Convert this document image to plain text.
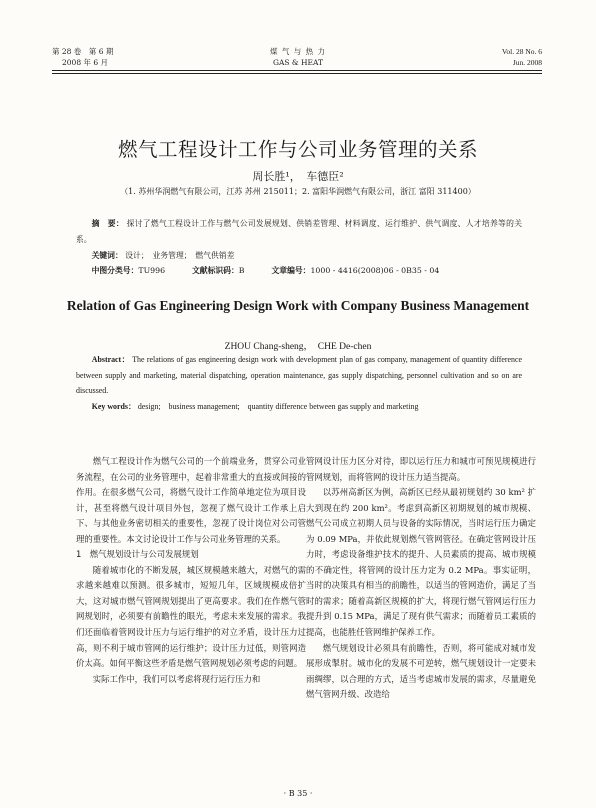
第 28 卷　第 6 期
2008 年 6 月
煤 气 与 热 力
GAS & HEAT
Vol. 28 No. 6
Jun. 2008
燃气工程设计工作与公司业务管理的关系
周长胜¹，　车德臣²
（1. 苏州华润燃气有限公司，江苏 苏州 215011；2. 富阳华润燃气有限公司，浙江 富阳 311400）
摘　要： 探讨了燃气工程设计工作与燃气公司发展规划、供销差管理、材料调度、运行维护、供气调度、人才培养等的关系。
关键词： 设计；　业务管理；　燃气供销差
中图分类号：TU996	文献标识码：B	文章编号：1000 - 4416(2008)06 - 0B35 - 04
Relation of Gas Engineering Design Work with Company Business Management
ZHOU Chang-sheng，　CHE De-chen
Abstract： The relations of gas engineering design work with development plan of gas company, management of quantity difference between supply and marketing, material dispatching, operation maintenance, gas supply dispatching, personnel cultivation and so on are discussed.
Key words： design;　business management;　quantity difference between gas supply and marketing

燃气工程设计作为燃气公司的一个前端业务，贯穿公司业务流程，在公司的业务管理中，起着非常重大的直接或间接的作用。在很多燃气公司，将燃气设计工作简单地定位为项目设计，甚至将燃气设计项目外包，忽视了燃气设计工作承上启下、与其他业务密切相关的重要性，忽视了设计岗位对公司管理的重要性。本文讨论设计工作与公司业务管理的关系。

1　燃气规划设计与公司发展规划

随着城市化的不断发展，城区规模越来越大，对燃气的需求越来越难以预测。很多城市，短短几年，区域规模成倍扩大，这对城市燃气管网规划提出了更高要求。我们在作燃气管网规划时，必须要有前瞻性的眼光，考虑未来发展的需求。我们还面临着管网设计压力与运行维护的对立矛盾，设计压力过高，则不利于城市管网的运行维护；设计压力过低，则管网造价太高。如何平衡这些矛盾是燃气管网规划必须考虑的问题。

实际工作中，我们可以考虑将现行运行压力和

管网设计压力区分对待，即以运行压力和城市可预见规模进行管网规划，而将管网的设计压力适当提高。

以苏州高新区为例，高新区已经从最初规划约 30 km² 扩大到现在约 200 km²。考虑到高新区初期规划的城市规模、燃气公司成立初期人员与设备的实际情况，当时运行压力确定为 0.09 MPa，并依此规划燃气管网管径。在确定管网设计压力时，考虑设备维护技术的提升、人员素质的提高、城市规模的不确定性，将管网的设计压力定为 0.2 MPa。事实证明，当时的决策具有相当的前瞻性，以适当的管网造价，满足了当时的需求；随着高新区规模的扩大，将现行燃气管网运行压力提升到 0.15 MPa，满足了现有供气需求；而随着员工素质的提高，也能胜任管网维护保养工作。

燃气规划设计必须具有前瞻性，否则，将可能成对城市发展形成掣肘。城市化的发展不可逆转，燃气规划设计一定要未雨绸缪，以合理的方式，适当考虑城市发展的需求，尽量避免燃气管网升级、改造给

· B 35 ·
